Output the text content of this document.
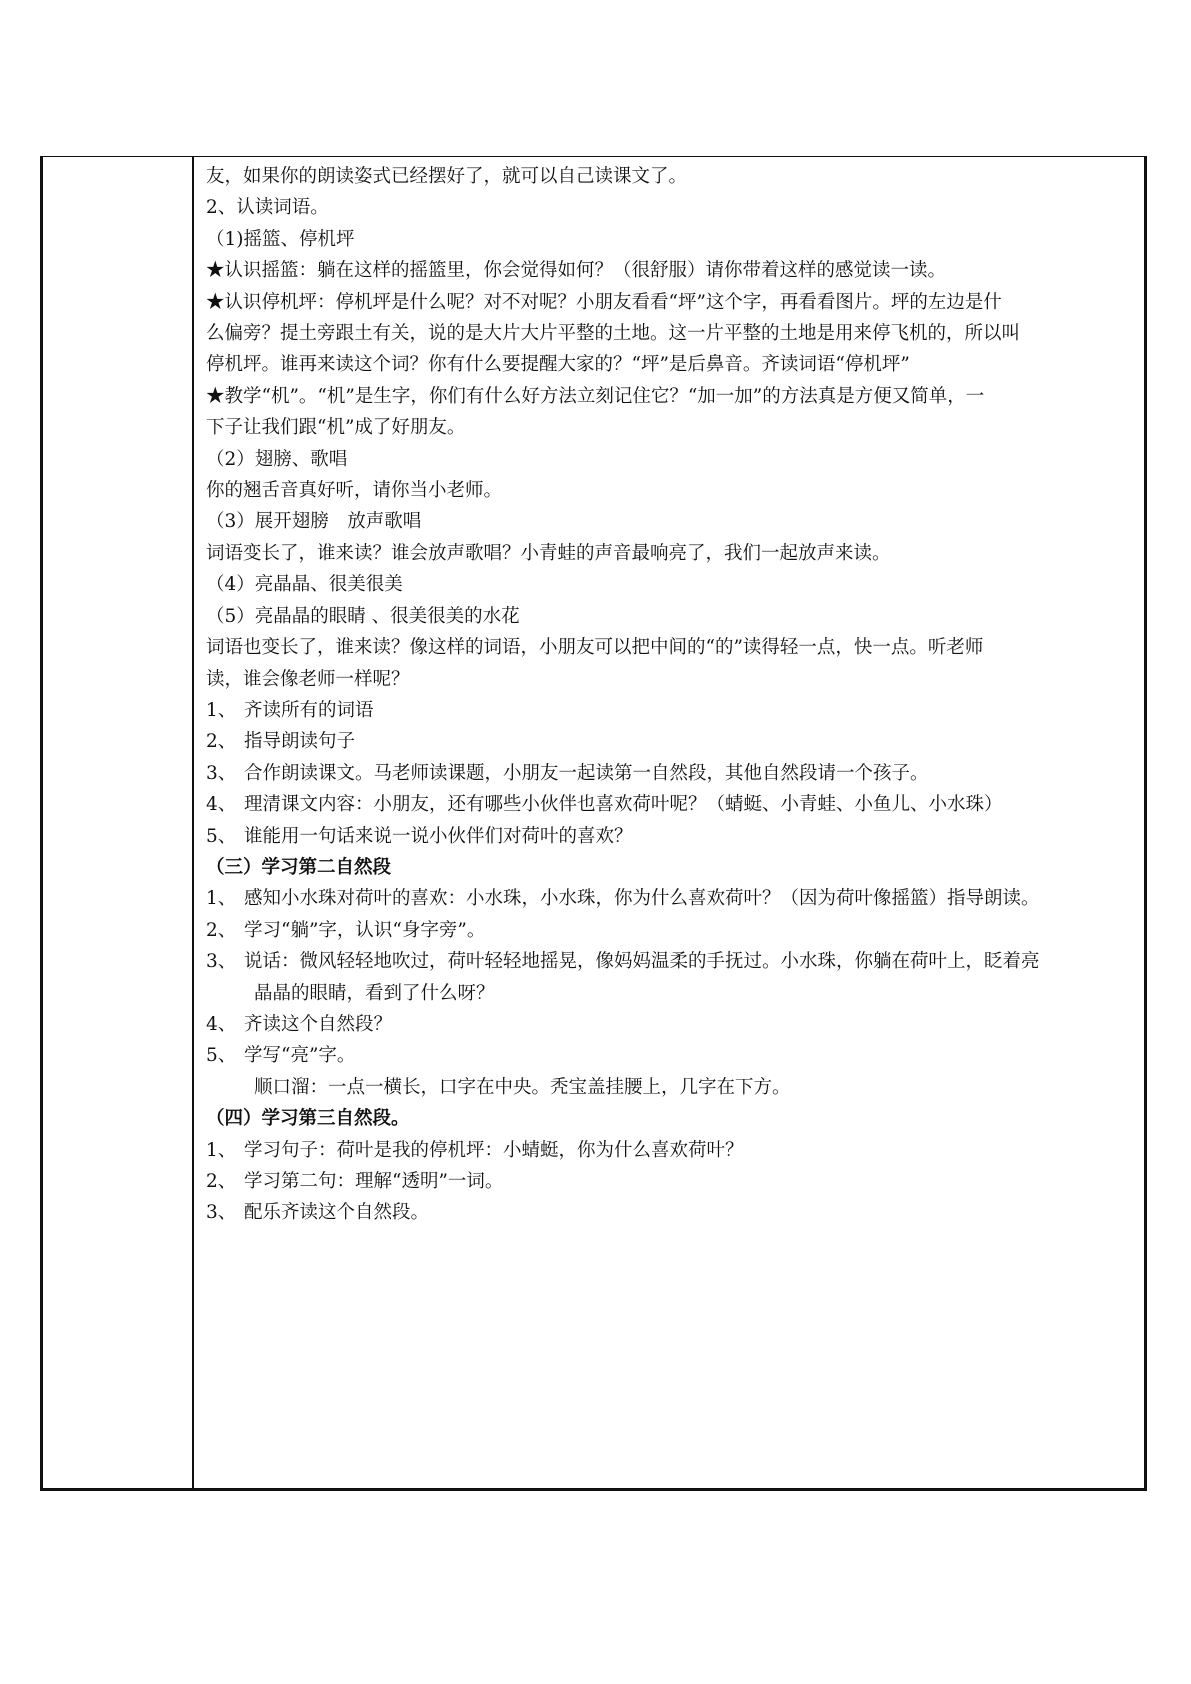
友，如果你的朗读姿式已经摆好了，就可以自己读课文了。
2、认读词语。
（1)摇篮、停机坪
★认识摇篮：躺在这样的摇篮里，你会觉得如何？（很舒服）请你带着这样的感觉读一读。
★认识停机坪：停机坪是什么呢？对不对呢？小朋友看看“坪”这个字，再看看图片。坪的左边是什
么偏旁？提土旁跟土有关，说的是大片大片平整的土地。这一片平整的土地是用来停飞机的，所以叫
停机坪。谁再来读这个词？你有什么要提醒大家的？“坪”是后鼻音。齐读词语“停机坪”
★教学“机”。“机”是生字，你们有什么好方法立刻记住它？“加一加”的方法真是方便又简单，一
下子让我们跟“机”成了好朋友。
（2）翅膀、歌唱
你的翘舌音真好听，请你当小老师。
（3）展开翅膀　放声歌唱
词语变长了，谁来读？谁会放声歌唱？小青蛙的声音最响亮了，我们一起放声来读。
（4）亮晶晶、很美很美
（5）亮晶晶的眼睛 、很美很美的水花
词语也变长了，谁来读？像这样的词语，小朋友可以把中间的“的”读得轻一点，快一点。听老师
读，谁会像老师一样呢？
1、 齐读所有的词语
2、 指导朗读句子
3、 合作朗读课文。马老师读课题，小朋友一起读第一自然段，其他自然段请一个孩子。
4、 理清课文内容：小朋友，还有哪些小伙伴也喜欢荷叶呢？（蜻蜓、小青蛙、小鱼儿、小水珠）
5、 谁能用一句话来说一说小伙伴们对荷叶的喜欢？
（三）学习第二自然段
1、 感知小水珠对荷叶的喜欢：小水珠，小水珠，你为什么喜欢荷叶？（因为荷叶像摇篮）指导朗读。
2、 学习“躺”字，认识“身字旁”。
3、 说话：微风轻轻地吹过，荷叶轻轻地摇晃，像妈妈温柔的手抚过。小水珠，你躺在荷叶上，眨着亮
晶晶的眼睛，看到了什么呀？
4、 齐读这个自然段？
5、 学写“亮”字。
顺口溜：一点一横长，口字在中央。秃宝盖挂腰上，几字在下方。
（四）学习第三自然段。
1、 学习句子：荷叶是我的停机坪：小蜻蜓，你为什么喜欢荷叶？
2、 学习第二句：理解“透明”一词。
3、 配乐齐读这个自然段。
